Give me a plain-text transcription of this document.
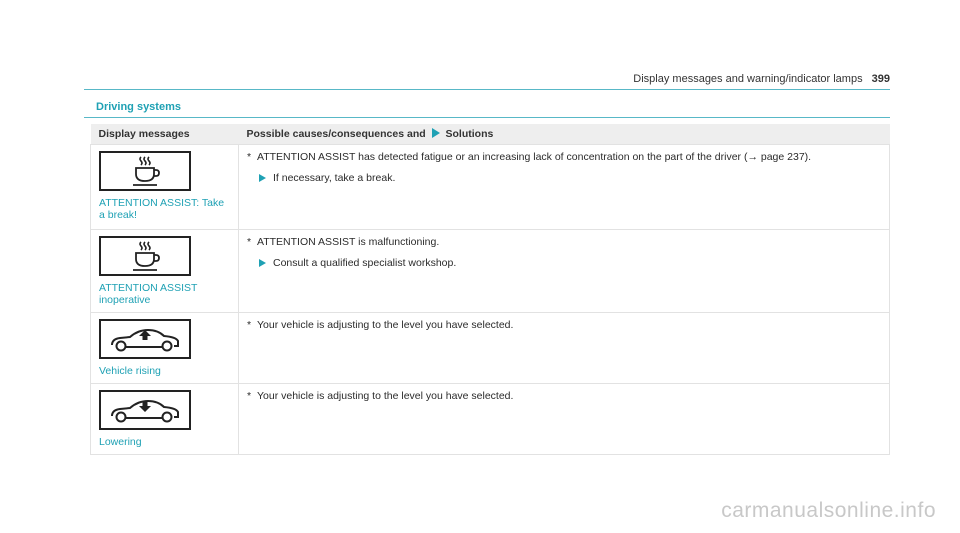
Display messages and warning/indicator lamps 399
Driving systems
Display messages	Possible causes/consequences and Solutions

ATTENTION ASSIST: Take a break!	* ATTENTION ASSIST has detected fatigue or an increasing lack of concentration on the part of the driver (→ page 237).
If necessary, take a break.

ATTENTION ASSIST inoperative	* ATTENTION ASSIST is malfunctioning.
Consult a qualified specialist workshop.

Vehicle rising	* Your vehicle is adjusting to the level you have selected.

Lowering	* Your vehicle is adjusting to the level you have selected.
carmanualsonline.info
